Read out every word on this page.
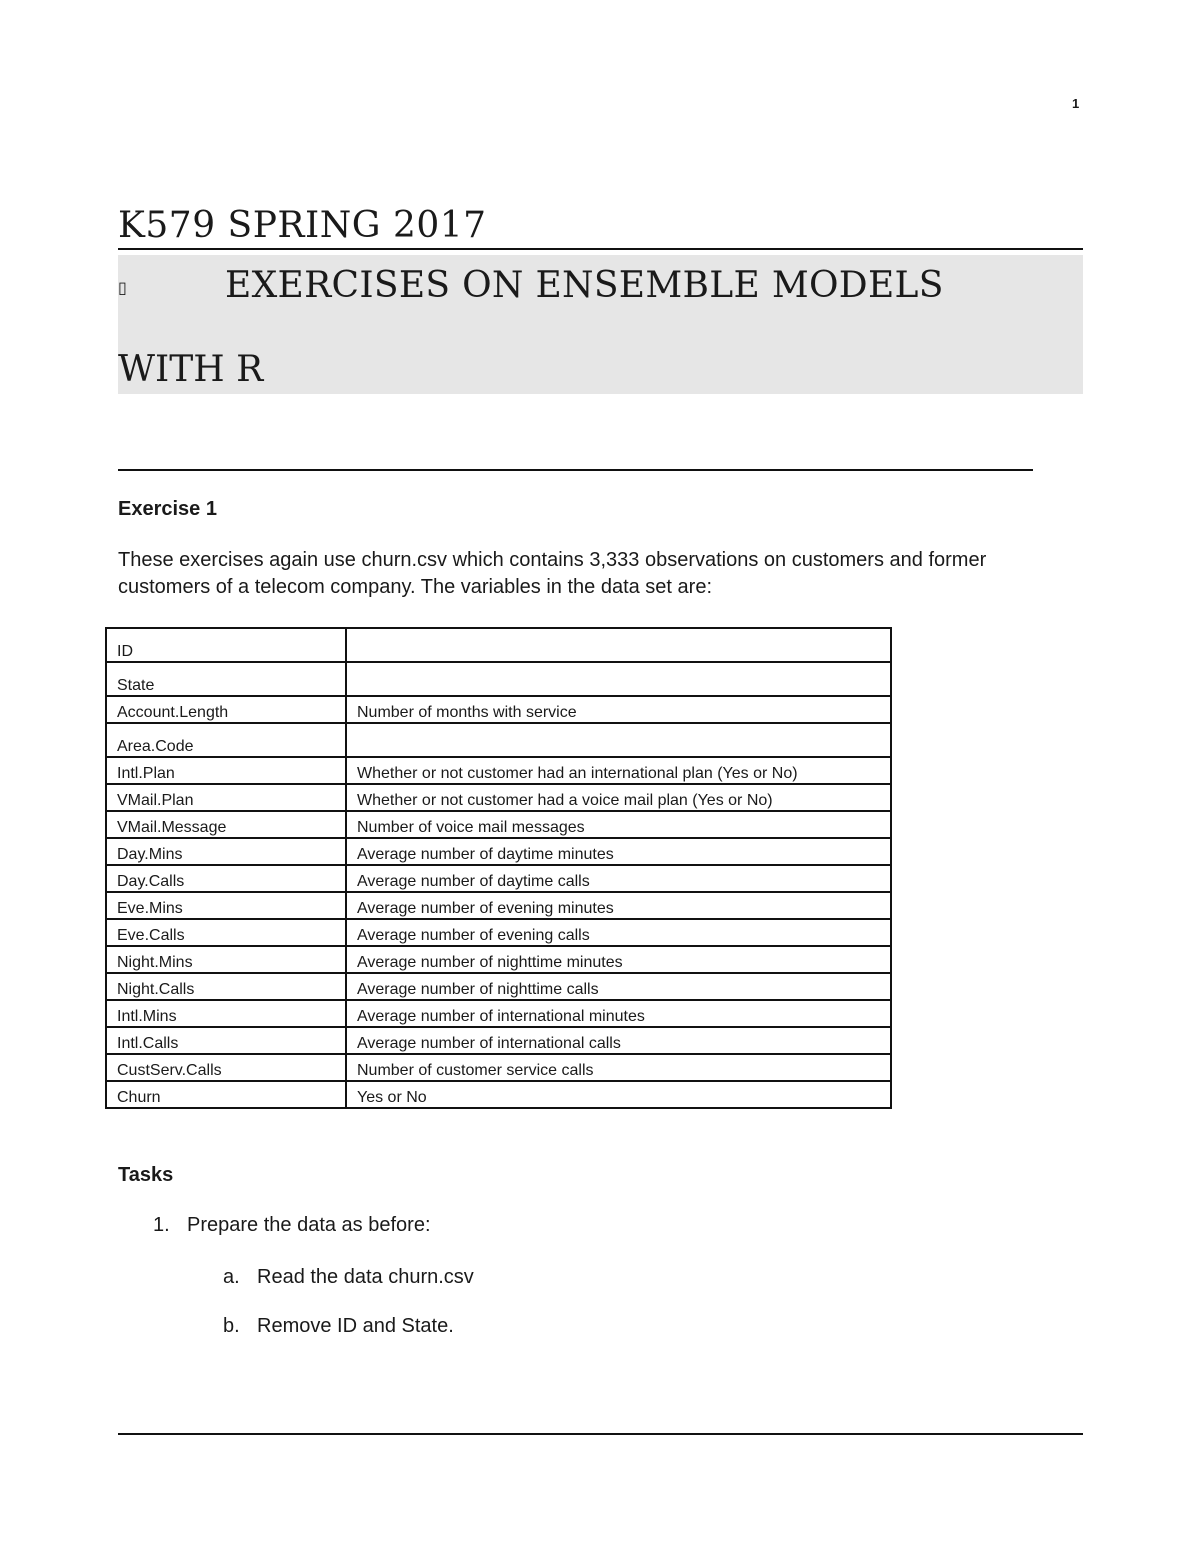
1
K579 SPRING 2017
▯	EXERCISES ON ENSEMBLE MODELS
WITH R
Exercise 1
These exercises again use churn.csv which contains 3,333 observations on customers and former customers of a telecom company. The variables in the data set are:
ID	
State	
Account.Length	Number of months with service
Area.Code	
Intl.Plan	Whether or not customer had an international plan (Yes or No)
VMail.Plan	Whether or not customer had a voice mail plan (Yes or No)
VMail.Message	Number of voice mail messages
Day.Mins	Average number of daytime minutes
Day.Calls	Average number of daytime calls
Eve.Mins	Average number of evening minutes
Eve.Calls	Average number of evening calls
Night.Mins	Average number of nighttime minutes
Night.Calls	Average number of nighttime calls
Intl.Mins	Average number of international minutes
Intl.Calls	Average number of international calls
CustServ.Calls	Number of customer service calls
Churn	Yes or No
Tasks
1. Prepare the data as before:
a. Read the data churn.csv
b. Remove ID and State.
